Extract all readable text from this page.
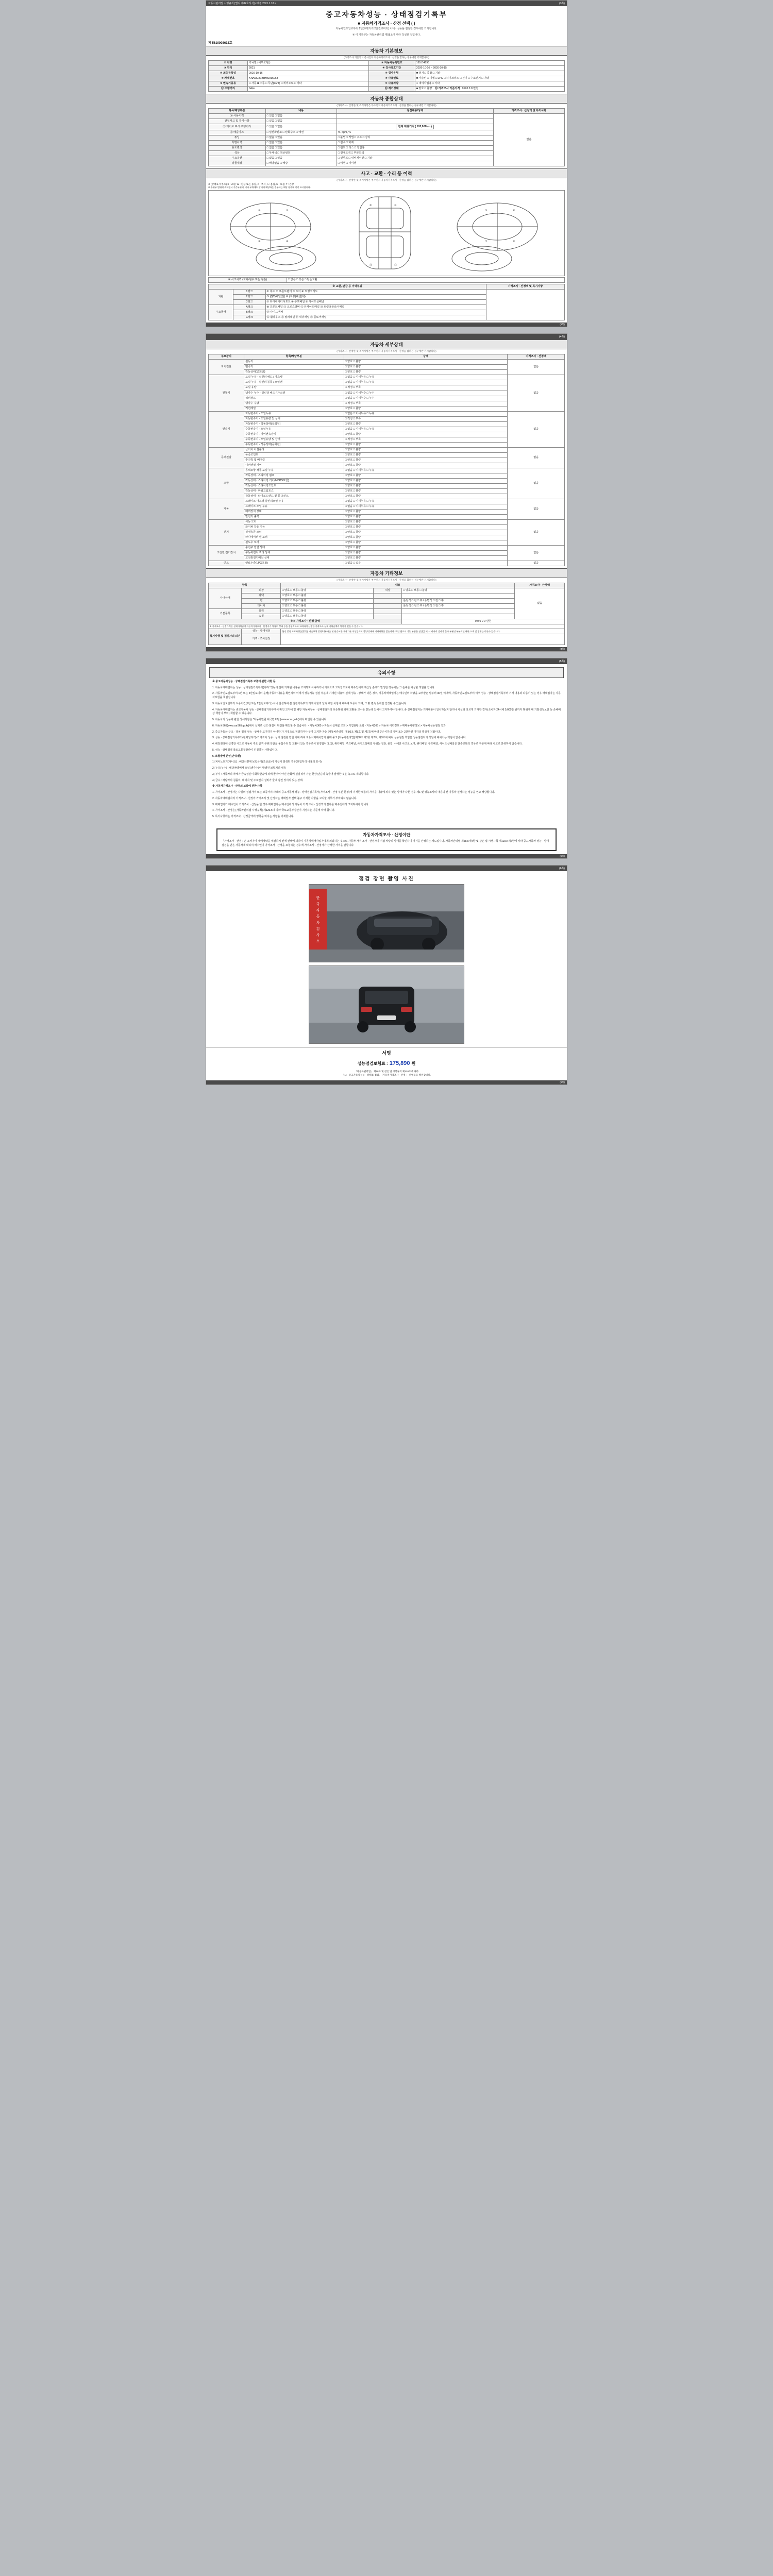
자동차관리법 시행규칙 [별지 제82호서식] <개정 2021.1.18.>	(3쪽)
중고자동차성능 · 상태점검기록부
■ 자동차가격조사 · 산정 선택 ( )
자동차인도일로부터 1년(주행거리 2만킬로미터) 이내 - 성능을 점검한 경우에만 기재합니다.
※ 이 기록부는 자동차관리법 제58조에 따라 작성된 것입니다.
제 5610008632호
자동차 기본정보
(가격조사 기준가치 총사업자 자동차가격조사 · 산정을 함하는 경우에만 기재합니다)
① 차명	카니발 (세부모델 )	② 자동차등록번호	165조4696
③ 연식	2021	④ 검사유효기간	2026-10-16 ~ 2026-10-15
⑤ 최초등록일	2020-10-16	⑥ 검사유형	■ 정기 □ 종합 □ 기타
⑦ 차대번호	KNAMC81BBMS016063	⑧ 사용연료	■ 가솔린 □ 디젤 □ LPG □ 하이브리드 □ 전기 □ 수소전기 □ 기타
⑨ 변속기종류	□ 자동 ■ 수동 □ 무단(CVT) □ 세미오토 □ 기타	⑩ 사용차량	□ 대여사업용 □ 기타
⑪ 주행거리	04㎞	⑫ 계기상태	■ 양호 □ 불량 ⑬ 가격조사 기준가격 0 0 0 0 0 만원
자동차 종합상태
(가격조사 · 산정한 및 특기사항은 부수인지 자동차가격조사 · 산정을 함하는 경우에만 기재합니다)
항목/해당부분	내용	점검내용/상태	가격조사 · 산정액 및 특기사항
⑭ 사용이력	□ 있음 □ 없음		없음
전일사고 및 특기사항	□ 있음 □ 없음		
⑮ 계기로 표시 주행거리	□ 있음 □ 없음	현재 계량거리 ( 192,909km )	
⑯ 배출가스	□ 일산화탄소 □ 탄화수소 □ 매연	%, ppm, %	
튜닝	□ 없음 □ 있음	□ 불법 □ 적법 □ 구조 □ 장치	
특별이력	□ 없음 □ 있음	□ 침수 □ 화재	
용도변경	□ 없음 □ 있음	□ 렌트 □ 리스 □ 영업용	
색상	□ 무채색 □ 색상번호	□ 전체도색 □ 부분도색	
주요옵션	□ 없음 □ 있음	□ 선루프 □ 내비게이션 □ 기타	
리콜대상	□ 해당없음 □ 해당	□ 이행 □ 미이행	
사고 · 교환 · 수리 등 이력
(가격조사 · 산정한 및 특기사항은 부수인지 자동차가격조사 · 산정을 함하는 경우에만 기재합니다)
※ (상태표시 부호) X : 교환, W : 판금 또는 용접, C : 부식, A : 흠집, U : 요철, T : 손상
※ 주위부 범위에 속하면서 기준부위에, 기타 부위에도 상태에 해당하는 경우에는 해당 항목에 각각 표시합니다.
①	②
③	④
⑤	⑥
⑦	⑧
⑨	⑩
⑪	⑫
※ 사고이력 (교차/침수 또는 침습)	□ 없음 □ 있음 □ 단순교환
※ 교환, 판금 등 이력부위			가격조사 · 산정액 및 특기사항
외판	1랭크	① 후드 ② 프론트펜더 ③ 도어 ④ 트렁크리드	
	2랭크	⑤ (QC)패널(앞) ⑥ (지붕)패널(뒤)	
	3랭크	⑦ 라디에이터서포트 ⑧ 루프패널 ⑨ 사이드실패널	
주요골격	A랭크	⑩ 프론트패널 ⑪ 크로스멤버 ⑫ 인사이드패널 ⑬ 트렁크플로어패널	
	B랭크	⑭ 사이드멤버	
	C랭크	⑮ 휠하우스 ⑯ 필러패널 ⑰ 대쉬패널 ⑱ 플로어패널	
(3쪽)

(4쪽)
자동차 세부상태
(가격조사 · 산정한 및 특기사항은 부수인지 자동차가격조사 · 산정을 함하는 경우에만 기재합니다)
주요장치	항목/해당부분	상태	가격조사 · 산정액
자기진단	원동기	□ 양호 □ 불량	없음
	변속기	□ 양호 □ 불량	
	작동상태(공회전)	□ 양호 □ 불량	
원동기	오일 누유 - 실린더 헤드 / 가스켓	□ 없음 □ 미세누유 □ 누유	없음
	오일 누유 - 실린더 블록 / 오일팬	□ 없음 □ 미세누유 □ 누유	
	오일 유량	□ 적정 □ 부족	
	냉각수 누수 - 실린더 헤드 / 가스켓	□ 없음 □ 미세누수 □ 누수	
	워터펌프	□ 없음 □ 미세누수 □ 누수	
	냉각수 수량	□ 적정 □ 부족	
	커먼레일	□ 양호 □ 불량	
변속기	자동변속기 - 오일누유	□ 없음 □ 미세누유 □ 누유	없음
	자동변속기 - 오일유량 및 상태	□ 적정 □ 부족	
	자동변속기 - 작동상태(공회전)	□ 양호 □ 불량	
	수동변속기 - 오일누유	□ 없음 □ 미세누유 □ 누유	
	수동변속기 - 기어변속장치	□ 양호 □ 불량	
	수동변속기 - 오일유량 및 상태	□ 적정 □ 부족	
	수동변속기 - 작동상태(공회전)	□ 양호 □ 불량	
동력전달	클러치 어셈블리	□ 양호 □ 불량	없음
	등속조인트	□ 양호 □ 불량	
	추진축 및 베어링	□ 양호 □ 불량	
	디퍼렌셜 기어	□ 양호 □ 불량	
조향	동력조향 작동 오일 누유	□ 없음 □ 미세누유 □ 누유	없음
	작동상태 - 스티어링 펌프	□ 양호 □ 불량	
	작동상태 - 스티어링 기어(MDPS포함)	□ 양호 □ 불량	
	작동상태 - 스티어링조인트	□ 양호 □ 불량	
	작동상태 - 파워고압호스	□ 양호 □ 불량	
	작동상태 - 타이로드엔드 및 볼 조인트	□ 양호 □ 불량	
제동	브레이크 마스터 실린더오일 누유	□ 없음 □ 미세누유 □ 누유	없음
	브레이크 오일 누유	□ 없음 □ 미세누유 □ 누유	
	배력장치 상태	□ 양호 □ 불량	
	발전기 출력	□ 양호 □ 불량	
전기	시동 모터	□ 양호 □ 불량	없음
	와이퍼 작동 기능	□ 양호 □ 불량	
	실내송풍 모터	□ 양호 □ 불량	
	라디에이터 팬 모터	□ 양호 □ 불량	
	윈도우 모터	□ 양호 □ 불량	
고전원 전기장치	충전구 절연 상태	□ 양호 □ 불량	없음
	구동축전지 격리 상태	□ 양호 □ 불량	
	고전원전기배선 상태	□ 양호 □ 불량	
연료	연료누출(LPG포함)	□ 없음 □ 있음	없음
자동차 기타정보
(가격조사 · 산정한 및 특기사항은 부수인지 자동차가격조사 · 산정을 함하는 경우에만 기재합니다)
항목		내용			가격조사 · 산정액
사내상태	외장	□ 양호 □ 보통 □ 불량	내장	□ 양호 □ 보통 □ 불량	없음
	광택	□ 양호 □ 보통 □ 불량			
	휠	□ 양호 □ 보통 □ 불량		운전석 □ 전 □ 후 / 동반석 □ 전 □ 후	
	타이어	□ 양호 □ 보통 □ 불량		운전석 □ 전 □ 후 / 동반석 □ 전 □ 후	
기본품목	유리	□ 양호 □ 보통 □ 불량			
	속칭	□ 양호 □ 보통 □ 불량			
※④ 가격조사 · 산정 금액				0 0 0 0 0 만원	
※ 가격조사 · 산정가격은 실제거래금액 자동차가격조사 · 산정자가 차량의 상태 등을 종합적으로 고려하여 산정한 가격으로 실제 거래금액과 차이가 있을 수 있습니다.					
특기사항 및 점검자의 의견	성능 · 상태점검	본인 불명 도료차량(전종류), 파손부위 불명/내부파손 및 단순교환 제작기술 이상없으며 성능/상태에 기재사항은 없습니다. 확인 필요시 기능 부품은 점검(정비)시 비파괴 검사가 불가 부분인 부분적인 판단 도색 및 범위는 다를수 있습니다.			
	가격 · 조사산정				
(4쪽)

(5쪽)
유의사항

※ 중고자동차성능 · 상태점검기록부 보증에 관한 사항 등

1. 자동차매매업자는 성능 · 상태점검기록부의(이하 "성능 점검에 기재된 내용을 고지하지 아니하거나 거짓으로 고지함으로써 매수인에게 재산상 손해가 발생한 경우에는 그 손해를 배상할 책임을 집니다.

2. 자동차인도일로부터 1년 또는 2만킬로미터 운행(자동차 내용을 확인하여 이에서 성능기능 점검 부분에 기재된 내용이 실제 성능 · 상태가 다른 경우, 자동차매매업자는 매수인의 차량을 교부받은 날부터 30일 이내에, 자동차인도일로부터 이후 성능 · 상태점검기록부의 기재 내용과 다름이 있는 경우 매매업자는 자동차보험을 책임집니다.

3. 자동차인도일부터 보증기간(1년 또는 2만킬로미터 ) 이내 발생하여 본 점검기록부의 기재 사항과 달리 해당 사항에 대하여 보증이 되며, 그 밖 변속 등에만 인정될 수 있습니다.

4. 자동차매매업자는 중고자동차 성능 · 상태점검기록부에서 확인 고지에 및 해당 자동차성능 · 상태점검자의 보증범위 외에 교환을 고시를 받는데 있어서 고지하여야 합니다. 중 상태점검자는 기재내용이 일치하는지 않거나 사실과 다르게 기재한 경우(소비자 24시에 5,000만 원까지 범위에 대 기발생정보한 등 손해배상 책임이 부여) 책임할 수 있습니다.

5. 자동차의 성능에 관한 상세사항은 "자동차민원 대국민포털 (www.ecar.go.kr)에서 확인할 수 있습니다.

6. 자동차365(www.car365.go.kr)에서 실제로 신고·점검이 확인을 확인할 수 있습니다. - 자동차365 > 자동차 실매물 조회 > 기업현황 조회 - 자동차365 > 자동차 이력정보 > 매매용차량정보 > 자동차성능점검 결과

2. 중고자동차 구조 · 장치 점검 성능 · 상태를 고지하지 아니한 가 거짓으로 점검하거나 부가 고지한 자는 [자동차관리법] 제 80조 제8호 및 제7호에 따라 2년 이하의 징역 또는 2천만원 이하의 벌금에 처합니다.

3. 성능 · 상태점검기록부의(판매알리기) 가격조사 성능 · 상태 점검할 만한 이내 하여 자동차매매사업자 판매 중고 [자동차관리법] 제58조 제1항 제2호, 제3호에 따라 성능점검 책임은 성능점검자의 책임에 대해서는 책임이 없습니다.

4. 해당권리에 신경한 시고로 자동차 주요 골격 부위의 판금 용접수리 및 교환이 있는 경우로서 한정합니다.(단, 쿼터패널, 루프패널, 사이드실패널 부위는 절단, 용접, 시에만 사고로 보며, 쿼터패널, 루프패널, 사이드실패널은 단순교환의 경우로 구분에 따라 사고로 분류하지 않습니다.

5. 성능 · 상태점검 국토교통부장관이 인정하는 사항입니다.

6. 보험발생 분인(단위:원)

1) 피아노보기(아니요) : 해당차량에 보험금이(조상금)이 지급이 발생된 경우(보험처리 내용의 표시)

2) 누유(누수) : 해당차량에서 오일(냉각수)이 발생된 보험처리 내용

3) 부식 : 자동차의 차체가 금속성분이 화학반응에 의해 골격이 아닌 산화에 실질적이 가는 현상(단순히 녹슬어 발생한 것은 녹으로 제외합니다.

4) 금수 : 차량자의 침몰이, 배어지 및 주요인지 설비가 물에 잠긴 것이의 있는 상태.

※ 자동차가격조사 · 산정의 보증에 관한 사항

1. 가격조사 · 산정자는 사실의 성립가격 또는 보증거리 사례의 중고자동차 성능 · 상태점검기록부(가격조사 · 산정 부분 한정)에 기재한 내용의 가격을 내용에 의하 있는 상태가 다른 경우 제1 및 성능조사의 내용의 선 자동차 실성하는 성능을 권고 해당합니다.

2. 자동차매매업자의 가격조사 · 산정의 가격조사 및 산정자는 매매업자 선택 불구 기재한 사항을 고지할 의무가 부여되지 않습니다.

3. 매매업자가 매수인이 기계조사 · 산정을 한 경우 매매업자는 매수인에게 자동차 가격 조사 · 산정액의 결과를 매수인에게 고지하여야 합니다.

4. 가격조사 · 산정은 [자동차관리법 시행규칙] 제120조에 따라 국토교통부장관이 지정하는 기준에 따라 합니다.

5. 특기사항에는 가격조사 · 산정금액에 영향을 미치는 사항을 기재합니다.

자동차가격조사 · 산정이안
「가격조사 · 산정」은 소비자가 매매계약을 체결하기 전에 선택에 의하여 자동차매매사업자에게 의뢰하는 것으로 자동차 가격 조사 · 산정자가 직접 차량의 상태를 확인하여 가격을 산정하는 제도입니다. 자동차관리법 제58조제4항 및 같은 법 시행규칙 제120조제2항에 따라 중고자동차 성능 · 상태 점검을 받은 자동차에 대하여 매수인이 가격조사 · 산정을 요청하는 경우에 가격조사 · 산정자가 산정한 가격을 말합니다.
(5쪽)

(6쪽)
점검 장면 촬영 사진
한
국
자
동
차
검
사
소
서명
성능점검보험료 : 175,890 원
「자동차관리법」 제58조 및 같은 법 시행규칙 제120조에 따라
「1」 중고자동차성능 · 상태를 점검, 「자동차가격조사 · 산정 」 하였음을 확인합니다.
(6쪽)
